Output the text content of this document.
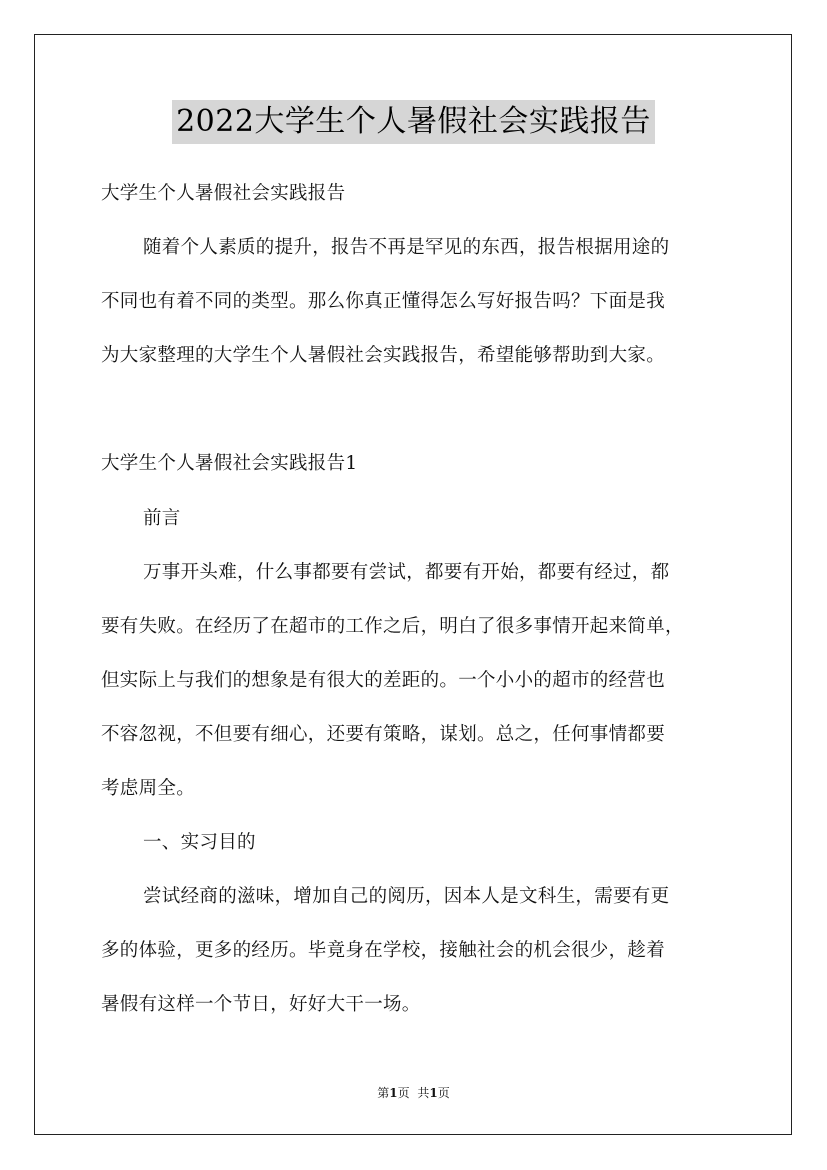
2022大学生个人暑假社会实践报告
大学生个人暑假社会实践报告
随着个人素质的提升，报告不再是罕见的东西，报告根据用途的
不同也有着不同的类型。那么你真正懂得怎么写好报告吗？下面是我
为大家整理的大学生个人暑假社会实践报告，希望能够帮助到大家。
大学生个人暑假社会实践报告1
前言
万事开头难，什么事都要有尝试，都要有开始，都要有经过，都
要有失败。在经历了在超市的工作之后，明白了很多事情开起来简单，
但实际上与我们的想象是有很大的差距的。一个小小的超市的经营也
不容忽视，不但要有细心，还要有策略，谋划。总之，任何事情都要
考虑周全。
一、实习目的
尝试经商的滋味，增加自己的阅历，因本人是文科生，需要有更
多的体验，更多的经历。毕竟身在学校，接触社会的机会很少，趁着
暑假有这样一个节日，好好大干一场。
第1页 共1页
